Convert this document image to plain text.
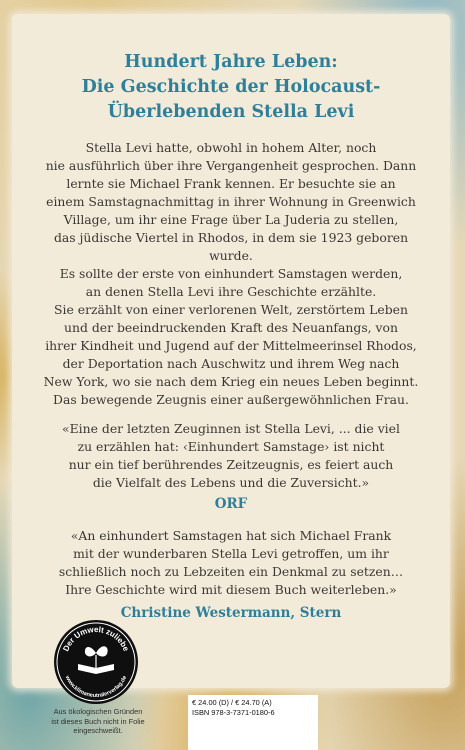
Hundert Jahre Leben:
Die Geschichte der Holocaust-
Überlebenden Stella Levi
Stella Levi hatte, obwohl in hohem Alter, noch
nie ausführlich über ihre Vergangenheit gesprochen. Dann
lernte sie Michael Frank kennen. Er besuchte sie an
einem Samstagnachmittag in ihrer Wohnung in Greenwich
Village, um ihr eine Frage über La Juderia zu stellen,
das jüdische Viertel in Rhodos, in dem sie 1923 geboren wurde.
Es sollte der erste von einhundert Samstagen werden,
an denen Stella Levi ihre Geschichte erzählte.
Sie erzählt von einer verlorenen Welt, zerstörtem Leben
und der beeindruckenden Kraft des Neuanfangs, von
ihrer Kindheit und Jugend auf der Mittelmeerinsel Rhodos,
der Deportation nach Auschwitz und ihrem Weg nach
New York, wo sie nach dem Krieg ein neues Leben beginnt.
Das bewegende Zeugnis einer außergewöhnlichen Frau.
«Eine der letzten Zeuginnen ist Stella Levi, ... die viel
zu erzählen hat: ‹Einhundert Samstage› ist nicht
nur ein tief berührendes Zeitzeugnis, es feiert auch
die Vielfalt des Lebens und die Zuversicht.»
ORF
«An einhundert Samstagen hat sich Michael Frank
mit der wunderbaren Stella Levi getroffen, um ihr
schließlich noch zu Lebzeiten ein Denkmal zu setzen…
Ihre Geschichte wird mit diesem Buch weiterleben.»
Christine Westermann, Stern
Der Umwelt zuliebe
www.klimaneutralerverlag.de
Aus ökologischen Gründen
ist dieses Buch nicht in Folie
eingeschweißt.
€ 24.00 (D) / € 24.70 (A)
ISBN 978-3-7371-0180-6
